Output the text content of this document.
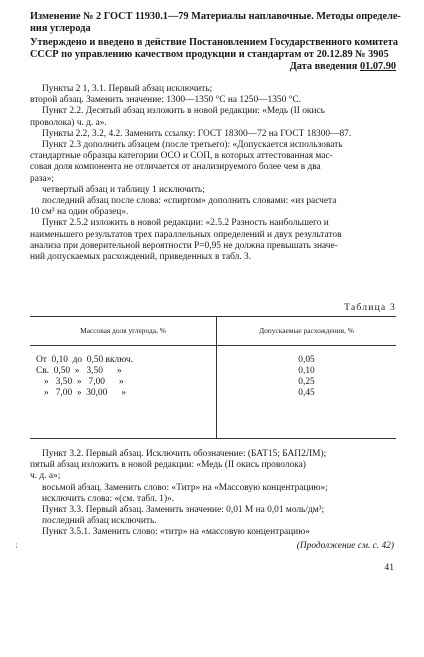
Изменение № 2 ГОСТ 11930.1—79 Материалы наплавочные. Методы определе-
ния углерода
Утверждено и введено в действие Постановлением Государственного комитета
СССР по управлению качеством продукции и стандартам от 20.12.89 № 3905
Дата введения 01.07.90
Пункты 2 1, 3.1. Первый абзац исключить;
второй абзац. Заменить значение: 1300—1350 °С на 1250—1350 °С.
Пункт 2.2. Десятый абзац изложить в новой редакции: «Медь (II окись
проволока) ч. д. а».
Пункты 2.2, 3.2, 4.2. Заменить ссылку: ГОСТ 18300—72 на ГОСТ 18300—87.
Пункт 2.3 дополнить абзацем (после третьего): «Допускается использовать
стандартные образцы категории ОСО и СОП, в которых аттестованная мас-
совая доля компонента не отличается от анализируемого более чем в два
раза»;
четвертый абзац и таблицу 1 исключить;
последний абзац после слова: «спиртом» дополнить словами: «из расчета
10 см³ на один образец».
Пункт 2.5.2 изложить в новой редакции: «2.5.2 Разность наибольшего и
наименьшего результатов трех параллельных определений и двух результатов
анализа при доверительной вероятности P=0,95 не должна превышать значе-
ний допускаемых расхождений, приведенных в табл. 3.
Таблица 3
Массовая доля углерода, %	Допускаемые расхождения, %
От  0,10  до  0,50 включ.	0,05
Св.  0,50  »   3,50      »	0,10
»   3,50  »   7,00      »	0,25
»   7,00  »  30,00      »	0,45
Пункт 3.2. Первый абзац. Исключить обозначение: (БАТ15; БАП2ЛМ);
пятый абзац изложить в новой редакции: «Медь (II окись проволока)
ч. д. а»;
восьмой абзац. Заменить слово: «Титр» на «Массовую концентрацию»;
исключить слова: «(см. табл. 1)».
Пункт 3.3. Первый абзац. Заменить значение: 0,01 М на 0,01 моль/дм³;
последний абзац исключить.
Пункт 3.5.1. Заменить слово: «титр» на «массовую концентрацию»
⁏	(Продолжение см. с. 42)
41
